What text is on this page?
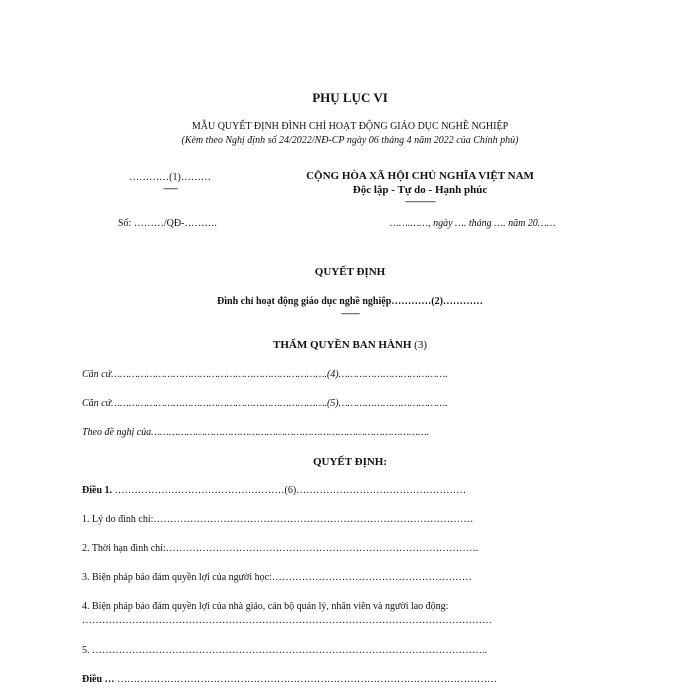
PHỤ LỤC VI
MẪU QUYẾT ĐỊNH ĐÌNH CHỈ HOẠT ĐỘNG GIÁO DỤC NGHỀ NGHIỆP
(Kèm theo Nghị định số 24/2022/NĐ-CP ngày 06 tháng 4 năm 2022 của Chính phủ)
…………(1)………
-------
CỘNG HÒA XÃ HỘI CHỦ NGHĨA VIỆT NAM
Độc lập - Tự do - Hạnh phúc
---------------
Số: ………/QĐ-……….	…….……, ngày …. tháng …. năm 20……
QUYẾT ĐỊNH
Đình chỉ hoạt động giáo dục nghề nghiệp…………(2)…………
---------
THẨM QUYỀN BAN HÀNH (3)
Căn cứ……………………………………………………………….(4)……………………………….
Căn cứ……………………………………………………………….(5)……………………………….
Theo đề nghị của………………………………………………………………………………….
QUYẾT ĐỊNH:
Điều 1. ……………………………………………(6)……………………………………………
1. Lý do đình chỉ:……………………………………………………………………………………
2. Thời hạn đình chỉ:………………………………………………………………………………….
3. Biện pháp bảo đảm quyền lợi của người học:……………………………………………………
4. Biện pháp bảo đảm quyền lợi của nhà giáo, cán bộ quản lý, nhân viên và người lao động:
……………………………………………………………………………………………………………
5. ………………………………………………………………………………………………………..
Điều … ……………………………………………………………………………………………………
